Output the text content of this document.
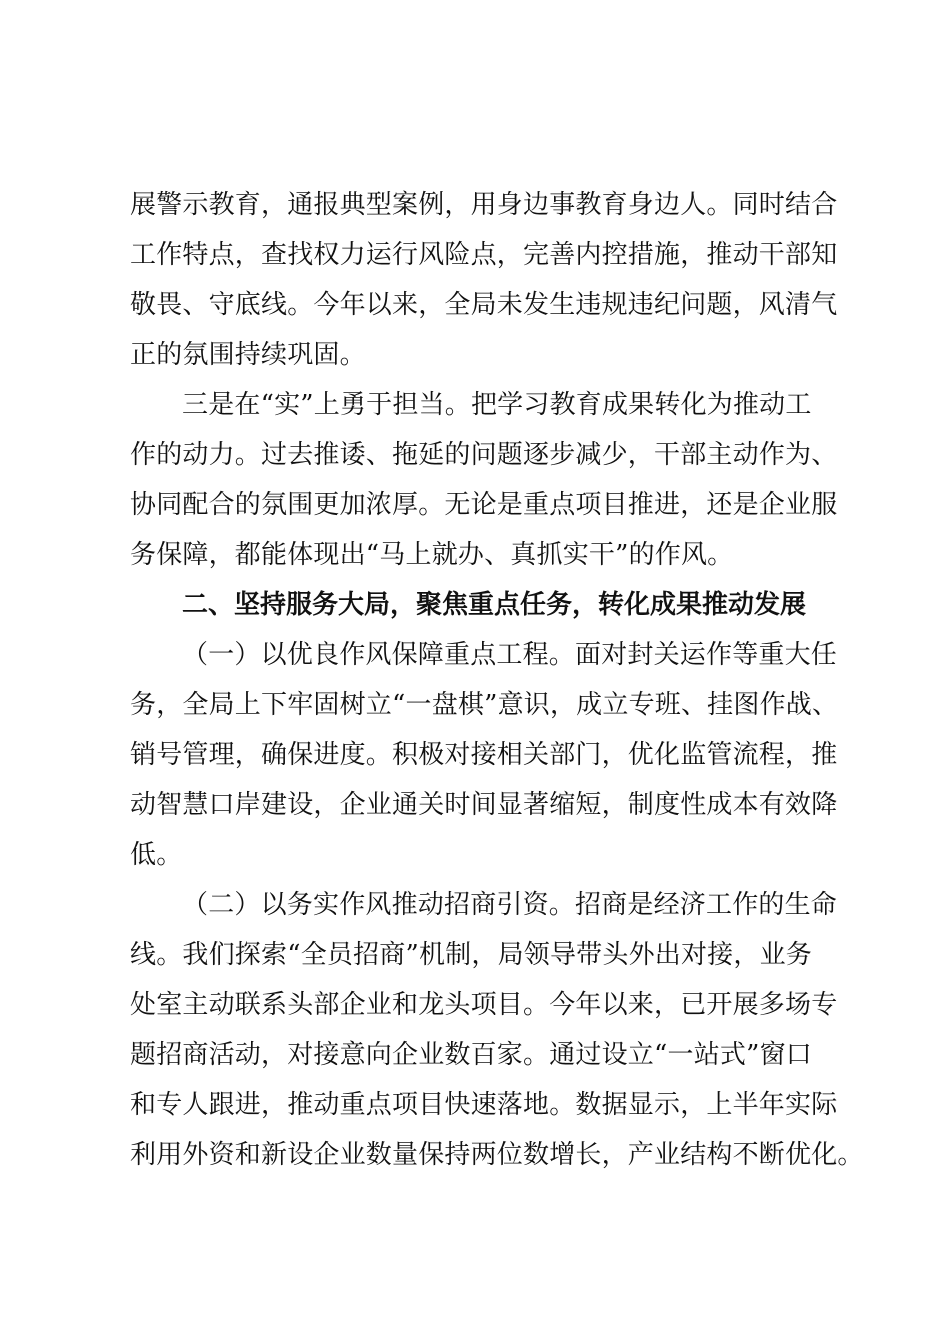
展警示教育，通报典型案例，用身边事教育身边人。同时结合
工作特点，查找权力运行风险点，完善内控措施，推动干部知
敬畏、守底线。今年以来，全局未发生违规违纪问题，风清气
正的氛围持续巩固。

三是在“实”上勇于担当。把学习教育成果转化为推动工
作的动力。过去推诿、拖延的问题逐步减少，干部主动作为、
协同配合的氛围更加浓厚。无论是重点项目推进，还是企业服
务保障，都能体现出“马上就办、真抓实干”的作风。

二、坚持服务大局，聚焦重点任务，转化成果推动发展

（一）以优良作风保障重点工程。面对封关运作等重大任
务，全局上下牢固树立“一盘棋”意识，成立专班、挂图作战、
销号管理，确保进度。积极对接相关部门，优化监管流程，推
动智慧口岸建设，企业通关时间显著缩短，制度性成本有效降
低。

（二）以务实作风推动招商引资。招商是经济工作的生命
线。我们探索“全员招商”机制，局领导带头外出对接，业务
处室主动联系头部企业和龙头项目。今年以来，已开展多场专
题招商活动，对接意向企业数百家。通过设立“一站式”窗口
和专人跟进，推动重点项目快速落地。数据显示，上半年实际
利用外资和新设企业数量保持两位数增长，产业结构不断优化。
